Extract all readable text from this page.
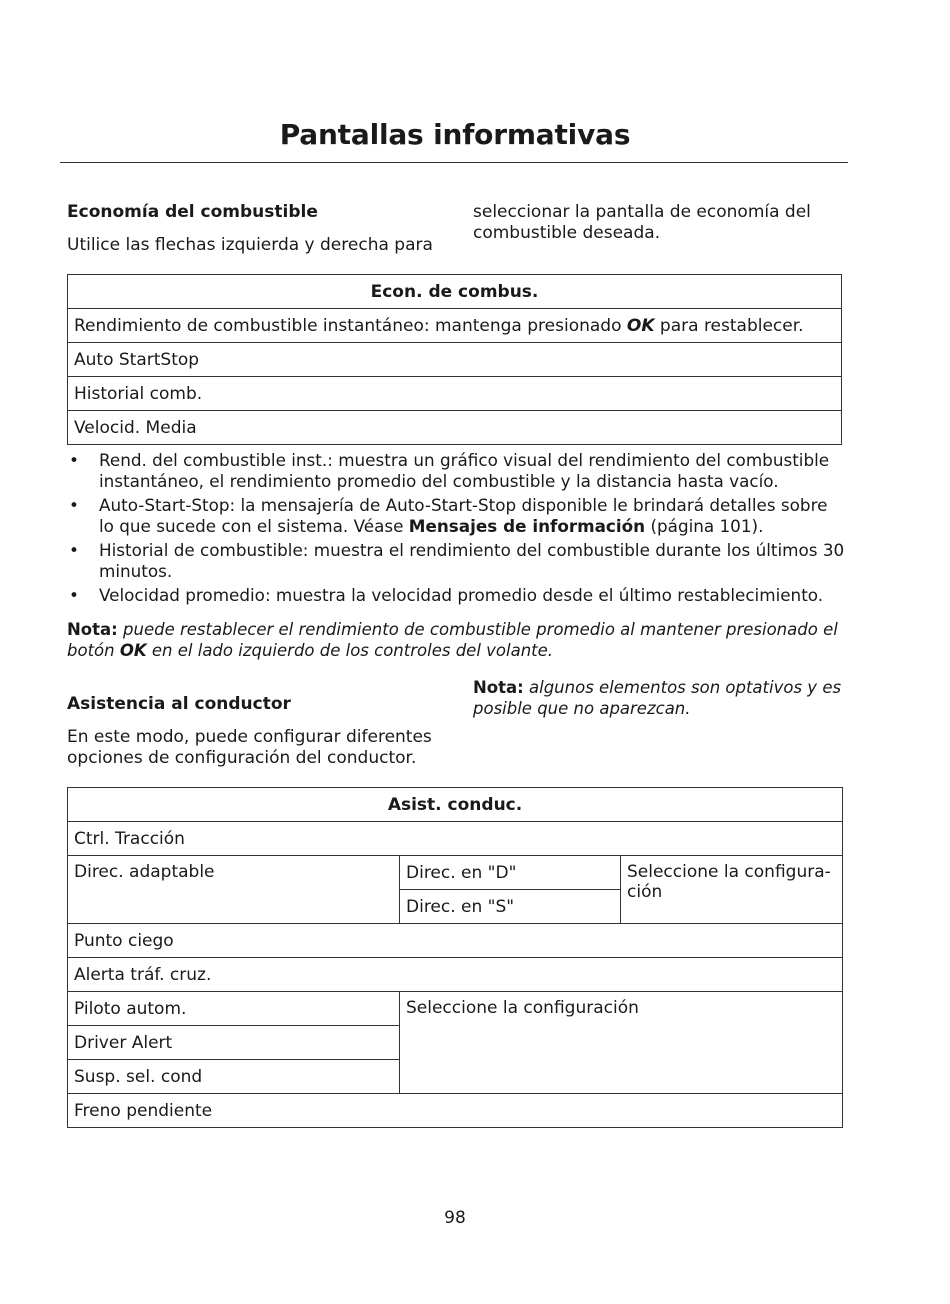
Pantallas informativas
Economía del combustible
Utilice las flechas izquierda y derecha para
seleccionar la pantalla de economía del combustible deseada.
Econ. de combus.
Rendimiento de combustible instantáneo: mantenga presionado OK para restablecer.
Auto StartStop
Historial comb.
Velocid. Media
• Rend. del combustible inst.: muestra un gráfico visual del rendimiento del combustible instantáneo, el rendimiento promedio del combustible y la distancia hasta vacío.
• Auto-Start-Stop: la mensajería de Auto-Start-Stop disponible le brindará detalles sobre lo que sucede con el sistema. Véase Mensajes de información (página 101).
• Historial de combustible: muestra el rendimiento del combustible durante los últimos 30 minutos.
• Velocidad promedio: muestra la velocidad promedio desde el último restablecimiento.
Nota: puede restablecer el rendimiento de combustible promedio al mantener presionado el botón OK en el lado izquierdo de los controles del volante.
Asistencia al conductor
En este modo, puede configurar diferentes opciones de configuración del conductor.
Nota: algunos elementos son optativos y es posible que no aparezcan.
Asist. conduc.		
Ctrl. Tracción		
Direc. adaptable	Direc. en "D"	Seleccione la configura-ción
	Direc. en "S"	
Punto ciego		
Alerta tráf. cruz.		
Piloto autom.	Seleccione la configuración	
Driver Alert		
Susp. sel. cond		
Freno pendiente		
98
